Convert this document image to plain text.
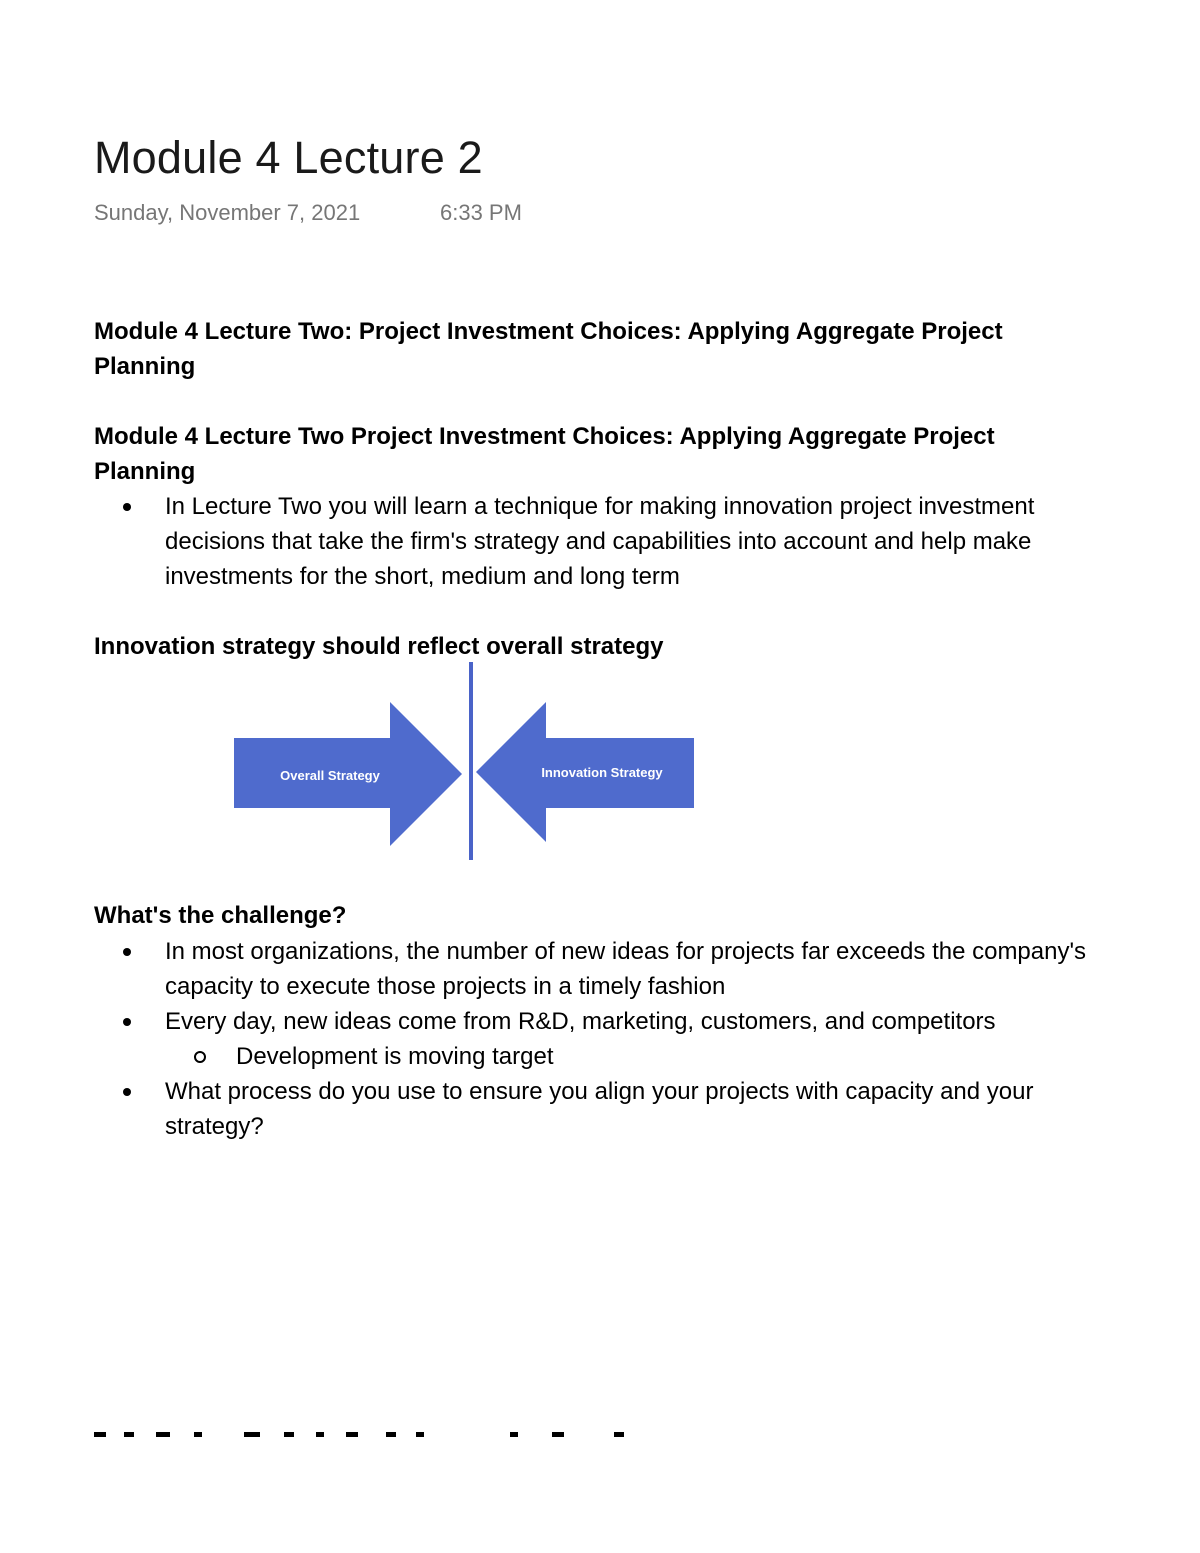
Module 4 Lecture 2
Sunday, November 7, 2021	6:33 PM

Module 4 Lecture Two: Project Investment Choices: Applying Aggregate Project Planning

Module 4 Lecture Two Project Investment Choices: Applying Aggregate Project Planning

In Lecture Two you will learn a technique for making innovation project investment decisions that take the firm's strategy and capabilities into account and help make investments for the short, medium and long term

Innovation strategy should reflect overall strategy

Overall Strategy	Innovation Strategy

What's the challenge?

In most organizations, the number of new ideas for projects far exceeds the company's capacity to execute those projects in a timely fashion
Every day, new ideas come from R&D, marketing, customers, and competitors
Development is moving target
What process do you use to ensure you align your projects with capacity and your strategy?
